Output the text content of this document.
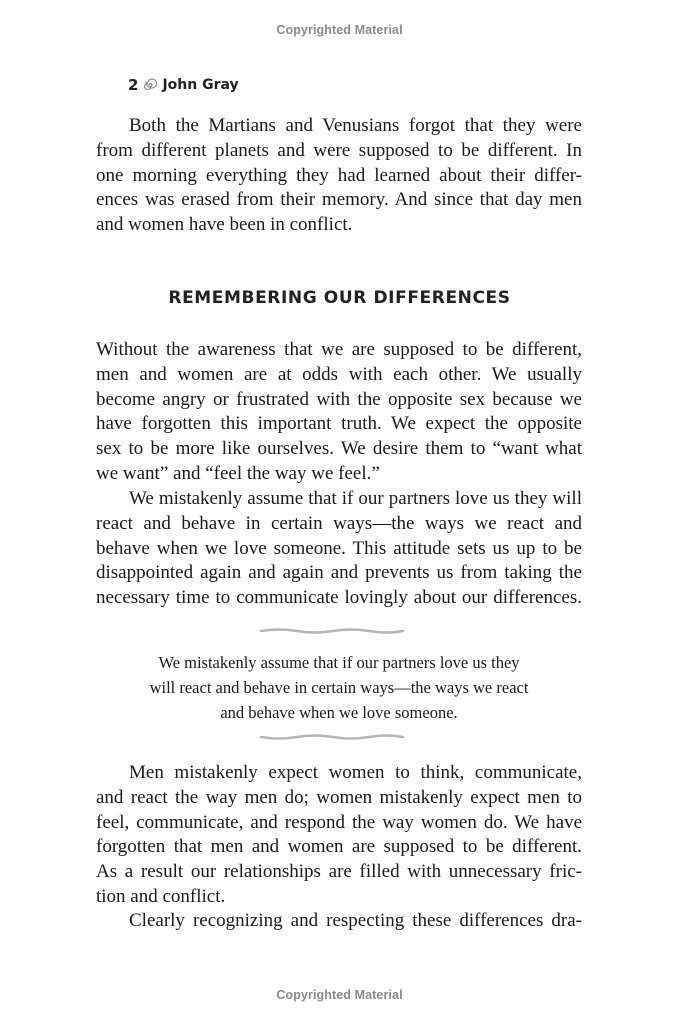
Copyrighted Material
2 John Gray

Both the Martians and Venusians forgot that they were
from different planets and were supposed to be different. In
one morning everything they had learned about their differ-
ences was erased from their memory. And since that day men
and women have been in conflict.

REMEMBERING OUR DIFFERENCES

Without the awareness that we are supposed to be different,
men and women are at odds with each other. We usually
become angry or frustrated with the opposite sex because we
have forgotten this important truth. We expect the opposite
sex to be more like ourselves. We desire them to “want what
we want” and “feel the way we feel.”

We mistakenly assume that if our partners love us they will
react and behave in certain ways—the ways we react and
behave when we love someone. This attitude sets us up to be
disappointed again and again and prevents us from taking the
necessary time to communicate lovingly about our differences.

We mistakenly assume that if our partners love us they
will react and behave in certain ways—the ways we react
and behave when we love someone.

Men mistakenly expect women to think, communicate,
and react the way men do; women mistakenly expect men to
feel, communicate, and respond the way women do. We have
forgotten that men and women are supposed to be different.
As a result our relationships are filled with unnecessary fric-
tion and conflict.

Clearly recognizing and respecting these differences dra-

Copyrighted Material
